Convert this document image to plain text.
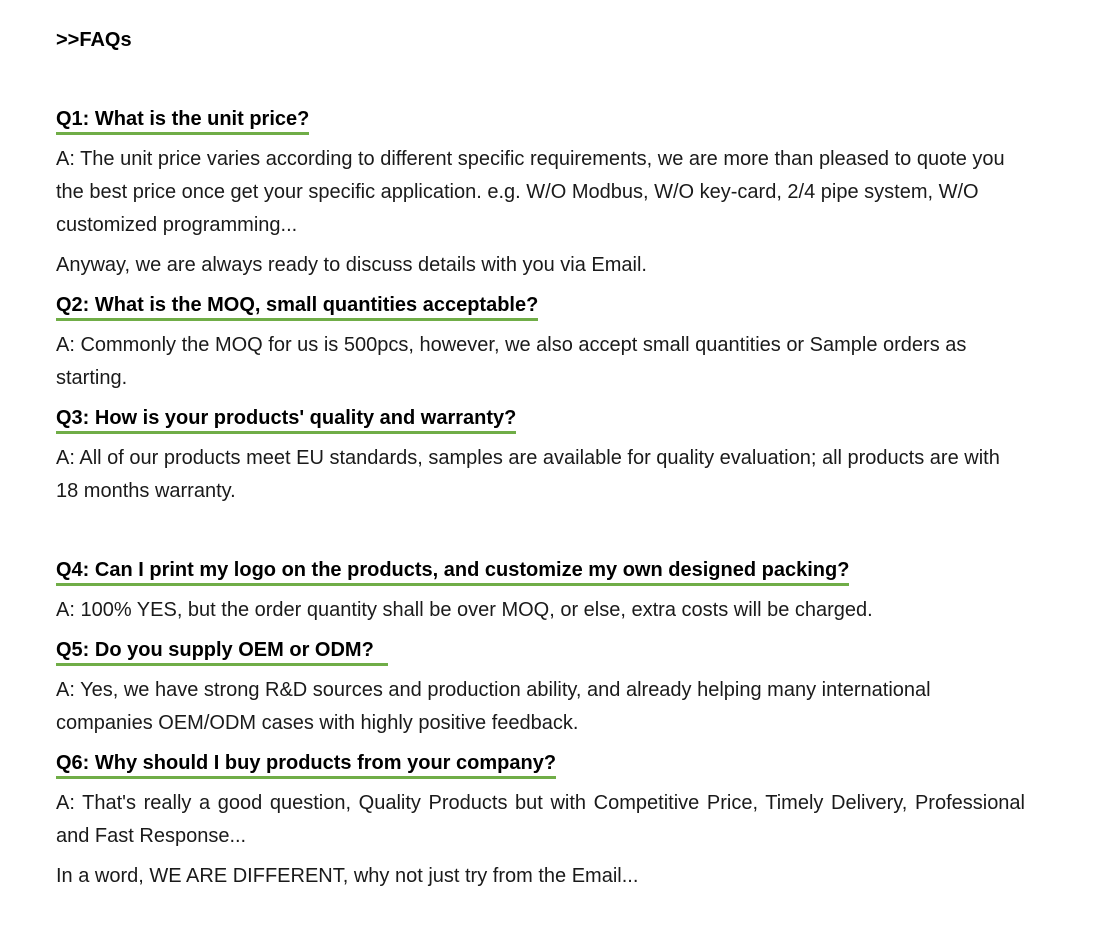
>>FAQs
Q1: What is the unit price?

A: The unit price varies according to different specific requirements, we are more than pleased to quote you the best price once get your specific application. e.g. W/O Modbus, W/O key-card, 2/4 pipe system, W/O customized programming...

Anyway, we are always ready to discuss details with you via Email.

Q2: What is the MOQ, small quantities acceptable?

A: Commonly the MOQ for us is 500pcs, however, we also accept small quantities or Sample orders as starting.

Q3: How is your products' quality and warranty?

A: All of our products meet EU standards, samples are available for quality evaluation; all products are with 18 months warranty.

Q4: Can I print my logo on the products, and customize my own designed packing?

A: 100% YES, but the order quantity shall be over MOQ, or else, extra costs will be charged.

Q5: Do you supply OEM or ODM?

A: Yes, we have strong R&D sources and production ability, and already helping many international companies OEM/ODM cases with highly positive feedback.

Q6: Why should I buy products from your company?

A: That's really a good question, Quality Products but with Competitive Price, Timely Delivery, Professional and Fast Response...

In a word, WE ARE DIFFERENT, why not just try from the Email...
